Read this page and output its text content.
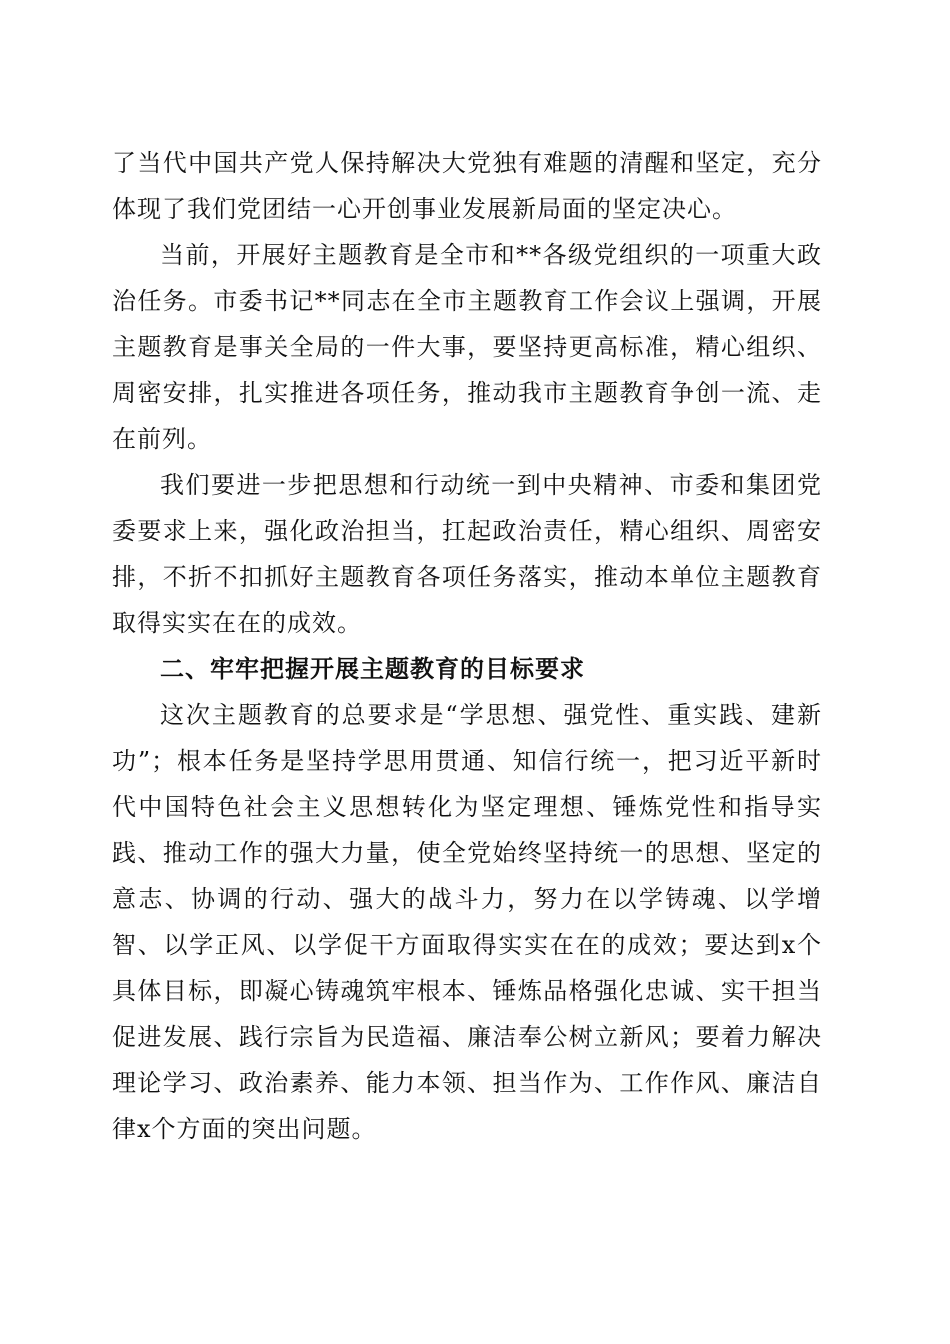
了当代中国共产党人保持解决大党独有难题的清醒和坚定，充分体现了我们党团结一心开创事业发展新局面的坚定决心。

当前，开展好主题教育是全市和**各级党组织的一项重大政治任务。市委书记**同志在全市主题教育工作会议上强调，开展主题教育是事关全局的一件大事，要坚持更高标准，精心组织、周密安排，扎实推进各项任务，推动我市主题教育争创一流、走在前列。

我们要进一步把思想和行动统一到中央精神、市委和集团党委要求上来，强化政治担当，扛起政治责任，精心组织、周密安排，不折不扣抓好主题教育各项任务落实，推动本单位主题教育取得实实在在的成效。

二、牢牢把握开展主题教育的目标要求

这次主题教育的总要求是“学思想、强党性、重实践、建新功”；根本任务是坚持学思用贯通、知信行统一，把习近平新时代中国特色社会主义思想转化为坚定理想、锤炼党性和指导实践、推动工作的强大力量，使全党始终坚持统一的思想、坚定的意志、协调的行动、强大的战斗力，努力在以学铸魂、以学增智、以学正风、以学促干方面取得实实在在的成效；要达到x个具体目标，即凝心铸魂筑牢根本、锤炼品格强化忠诚、实干担当促进发展、践行宗旨为民造福、廉洁奉公树立新风；要着力解决理论学习、政治素养、能力本领、担当作为、工作作风、廉洁自律x个方面的突出问题。
